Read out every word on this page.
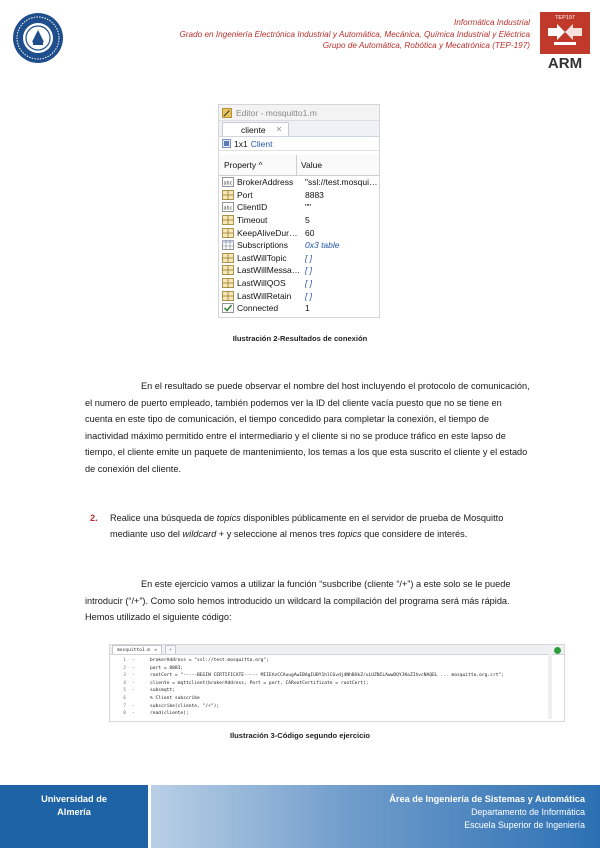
TEP197
ARM
Informática Industrial
Grado en Ingeniería Electrónica Industrial y Automática, Mecánica, Química Industrial y Eléctrica
Grupo de Automática, Robótica y Mecatrónica (TEP-197)
Editor - mosquitto1.m
cliente ✕
1x1 Client
Property ^	Value
abc BrokerAddress	"ssl://test.mosqui…
Port	8883
abc ClientID	""
Timeout	5
KeepAliveDur… 60
Subscriptions	0x3 table
LastWillTopic	[ ]
LastWillMessa… [ ]
LastWillQOS	[ ]
LastWillRetain	[ ]
Connected	1
Ilustración 2-Resultados de conexión

En el resultado se puede observar el nombre del host incluyendo el protocolo de comunicación, el numero de puerto empleado, también podemos ver la ID del cliente vacía puesto que no se tiene en cuenta en este tipo de comunicación, el tiempo concedido para completar la conexión, el tiempo de inactividad máximo permitido entre el intermediario y el cliente si no se produce tráfico en este lapso de tiempo, el cliente emite un paquete de mantenimiento, los temas a los que esta suscrito el cliente y el estado de conexión del cliente.

2.	Realice una búsqueda de topics disponibles públicamente en el servidor de prueba de Mosquitto mediante uso del wildcard + y seleccione al menos tres topics que considere de interés.

En este ejercicio vamos a utilizar la función “susbcribe (cliente “/+”) a este solo se le puede introducir (“/+”). Como solo hemos introducido un wildcard la compilación del programa será más rápida. Hemos utilizado el siguiente código:

mosquitto1.m ✕	+
1 -	brokerAddress = "ssl://test.mosquitto.org";
2 -	port = 8883;
3 -	rootCert = "-----BEGIN CERTIFICATE----- MIIEAzCCAuugAwIBAgIUBY1hlCGvdj4NhBXkZ/uLUZNILAwwDQYJKoZIhvcNAQEL ... mosquitto.org.crt";
4 -	cliente = mqttclient(brokerAddress, Port = port, CARootCertificate = rootCert);
5 -	subsmqtt;
6	% Client subscribe
7 -	subscribe(cliente, "/+");
8 -	read(cliente);
Ilustración 3-Código segundo ejercicio
Universidad de
Almería
Área de Ingeniería de Sistemas y Automática
Departamento de Informática
Escuela Superior de Ingeniería
